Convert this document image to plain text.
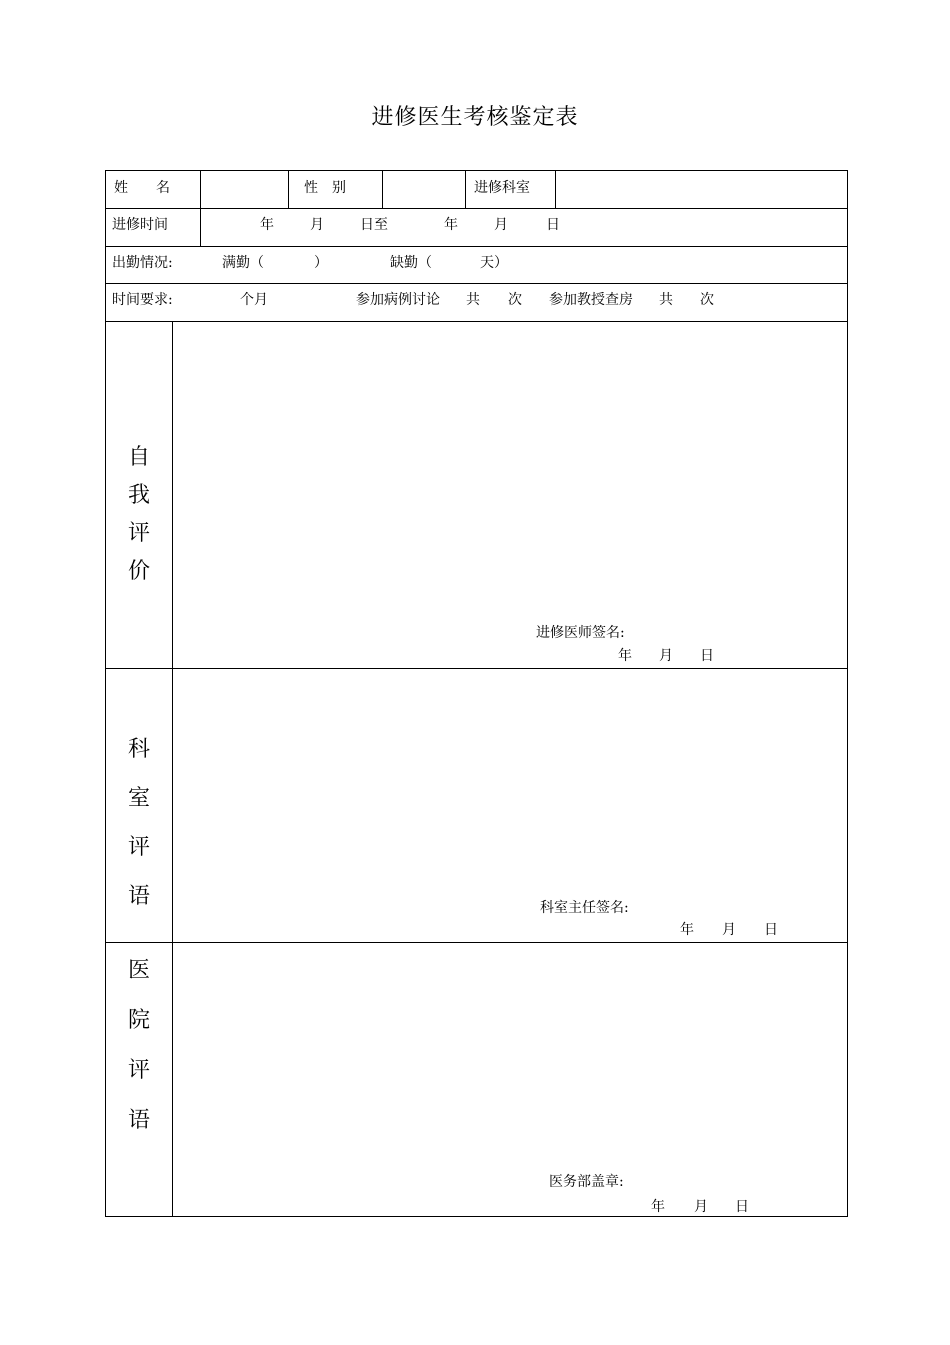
进修医生考核鉴定表
姓　　名	性　别	进修科室
进修时间	年	月	日至	年	月	日
出勤情况:	满勤（	）	缺勤（	天）
时间要求:	个月	参加病例讨论 共 次 参加教授查房 共 次
自
我
评
价
进修医师签名:
年 月 日
科
室
评
语	科室主任签名:
年 月 日
医
院
评
语
医务部盖章:
年 月 日
